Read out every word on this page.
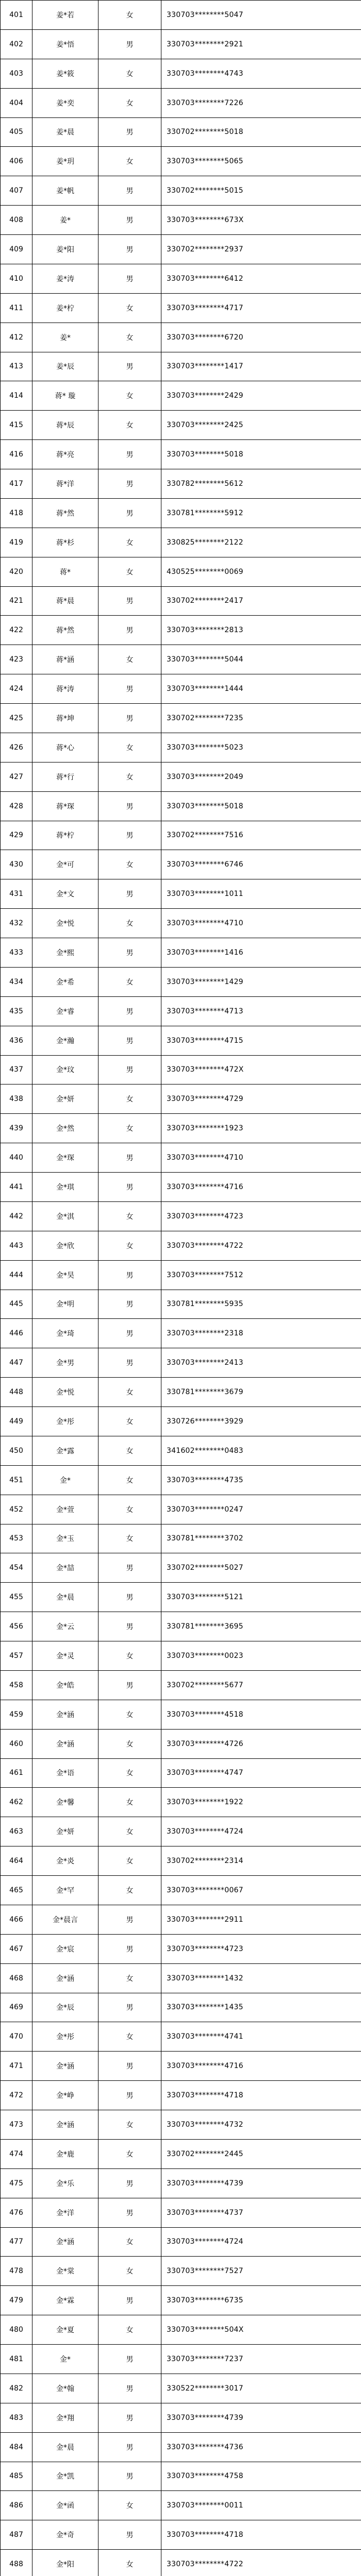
401	姜*若	女	330703********5047
402	姜*悟	男	330703********2921
403	姜*筱	女	330703********4743
404	姜*奕	女	330703********7226
405	姜*晨	男	330702********5018
406	姜*玥	女	330703********5065
407	姜*帆	男	330702********5015
408	姜*	男	330703********673X
409	姜*阳	男	330702********2937
410	姜*涛	男	330703********6412
411	姜*柠	女	330703********4717
412	姜*	女	330703********6720
413	姜*辰	男	330703********1417
414	蒋* 璇	女	330703********2429
415	蒋*辰	女	330703********2425
416	蒋*亮	男	330703********5018
417	蒋*洋	男	330782********5612
418	蒋*然	男	330781********5912
419	蒋*杉	女	330825********2122
420	蒋*	女	430525********0069
421	蒋*晨	男	330702********2417
422	蒋*然	男	330703********2813
423	蒋*涵	女	330703********5044
424	蒋*涛	男	330703********1444
425	蒋*坤	男	330702********7235
426	蒋*心	女	330703********5023
427	蒋*行	女	330703********2049
428	蒋*琛	男	330703********5018
429	蒋*柠	男	330702********7516
430	金*可	女	330703********6746
431	金*文	男	330703********1011
432	金*悦	女	330703********4710
433	金*熙	男	330703********1416
434	金*希	女	330703********1429
435	金*睿	男	330703********4713
436	金*瀚	男	330703********4715
437	金*玟	男	330703********472X
438	金*妍	女	330703********4729
439	金*然	女	330703********1923
440	金*琛	男	330703********4710
441	金*琪	男	330703********4716
442	金*淇	女	330703********4723
443	金*欣	女	330703********4722
444	金*昊	男	330703********7512
445	金*明	男	330781********5935
446	金*琦	男	330703********2318
447	金*男	男	330703********2413
448	金*悦	女	330781********3679
449	金*彤	女	330726********3929
450	金*露	女	341602********0483
451	金*	女	330703********4735
452	金*萱	女	330703********0247
453	金*玉	女	330781********3702
454	金*喆	男	330702********5027
455	金*晨	男	330703********5121
456	金*云	男	330781********3695
457	金*灵	女	330703********0023
458	金*皓	男	330702********5677
459	金*涵	女	330703********4518
460	金*涵	女	330703********4726
461	金*语	女	330703********4747
462	金*馨	女	330703********1922
463	金*妍	女	330703********4724
464	金*炎	女	330702********2314
465	金*罕	女	330703********0067
466	金*晨言	男	330703********2911
467	金*宸	男	330703********4723
468	金*涵	女	330703********1432
469	金*辰	男	330703********1435
470	金*彤	女	330703********4741
471	金*涵	男	330703********4716
472	金*峥	男	330703********4718
473	金*涵	女	330703********4732
474	金*鹿	女	330702********2445
475	金*乐	男	330703********4739
476	金*洋	男	330703********4737
477	金*涵	女	330703********4724
478	金*棠	女	330703********7527
479	金*霖	男	330703********6735
480	金*夏	女	330703********504X
481	金*	男	330703********7237
482	金*翰	男	330522********3017
483	金*翔	男	330703********4739
484	金*晨	男	330703********4736
485	金*凯	男	330703********4758
486	金*函	女	330703********0011
487	金*奇	男	330703********4718
488	金*阳	女	330703********4722
